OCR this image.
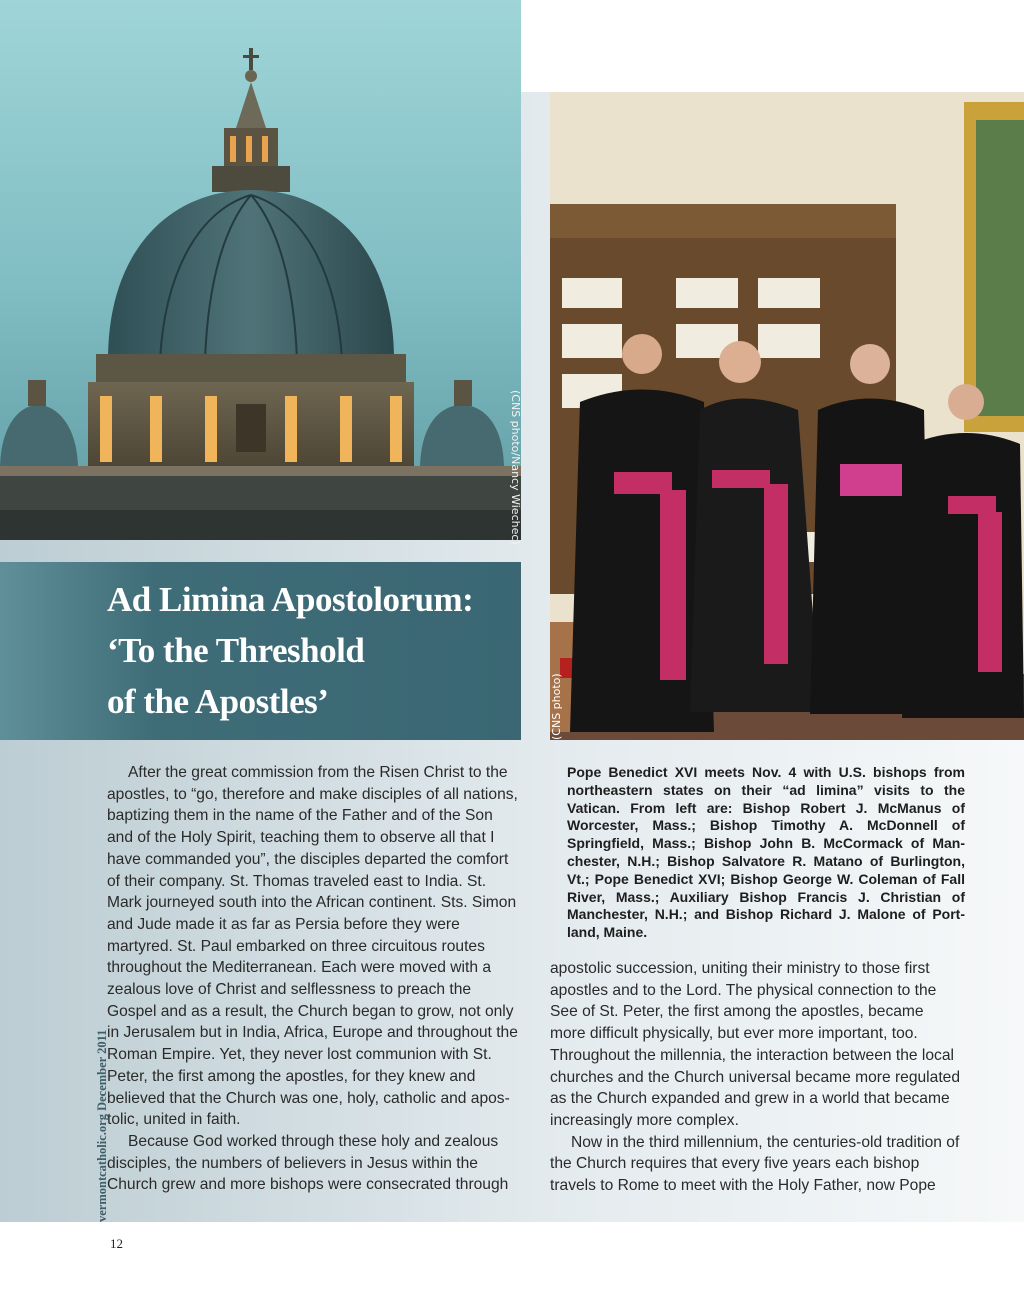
(CNS photo/Nancy Wiechec)
Ad Limina Apostolorum:
‘To the Threshold
of the Apostles’	(CNS photo)

After the great commission from the Risen Christ to the apostles, to “go, therefore and make disciples of all nations, baptizing them in the name of the Father and of the Son and of the Holy Spirit, teaching them to observe all that I have commanded you”, the disciples departed the comfort of their company. St. Thomas traveled east to India. St. Mark journeyed south into the African continent. Sts. Simon and Jude made it as far as Persia before they were martyred. St. Paul embarked on three circuitous routes throughout the Mediterranean. Each were moved with a zealous love of Christ and selflessness to preach the Gospel and as a result, the Church began to grow, not only in Jerusalem but in India, Africa, Europe and throughout the Roman Empire. Yet, they never lost communion with St. Peter, the first among the apostles, for they knew and believed that the Church was one, holy, catholic and apostolic, united in faith.

Because God worked through these holy and zealous disciples, the numbers of believers in Jesus within the Church grew and more bishops were consecrated through

Pope Benedict XVI meets Nov. 4 with U.S. bishops from northeastern states on their “ad limina” visits to the Vatican. From left are: Bishop Robert J. McManus of Worcester, Mass.; Bishop Timothy A. McDonnell of Springfield, Mass.; Bishop John B. McCormack of Manchester, N.H.; Bishop Salvatore R. Matano of Burlington, Vt.; Pope Benedict XVI; Bishop George W. Coleman of Fall River, Mass.; Auxiliary Bishop Francis J. Christian of Manchester, N.H.; and Bishop Richard J. Malone of Portland, Maine.

apostolic succession, uniting their ministry to those first apostles and to the Lord. The physical connection to the See of St. Peter, the first among the apostles, became more difficult physically, but ever more important, too. Throughout the millennia, the interaction between the local churches and the Church universal became more regulated as the Church expanded and grew in a world that became increasingly more complex.

Now in the third millennium, the centuries-old tradition of the Church requires that every five years each bishop travels to Rome to meet with the Holy Father, now Pope

vermontcatholic.org December 2011
12
